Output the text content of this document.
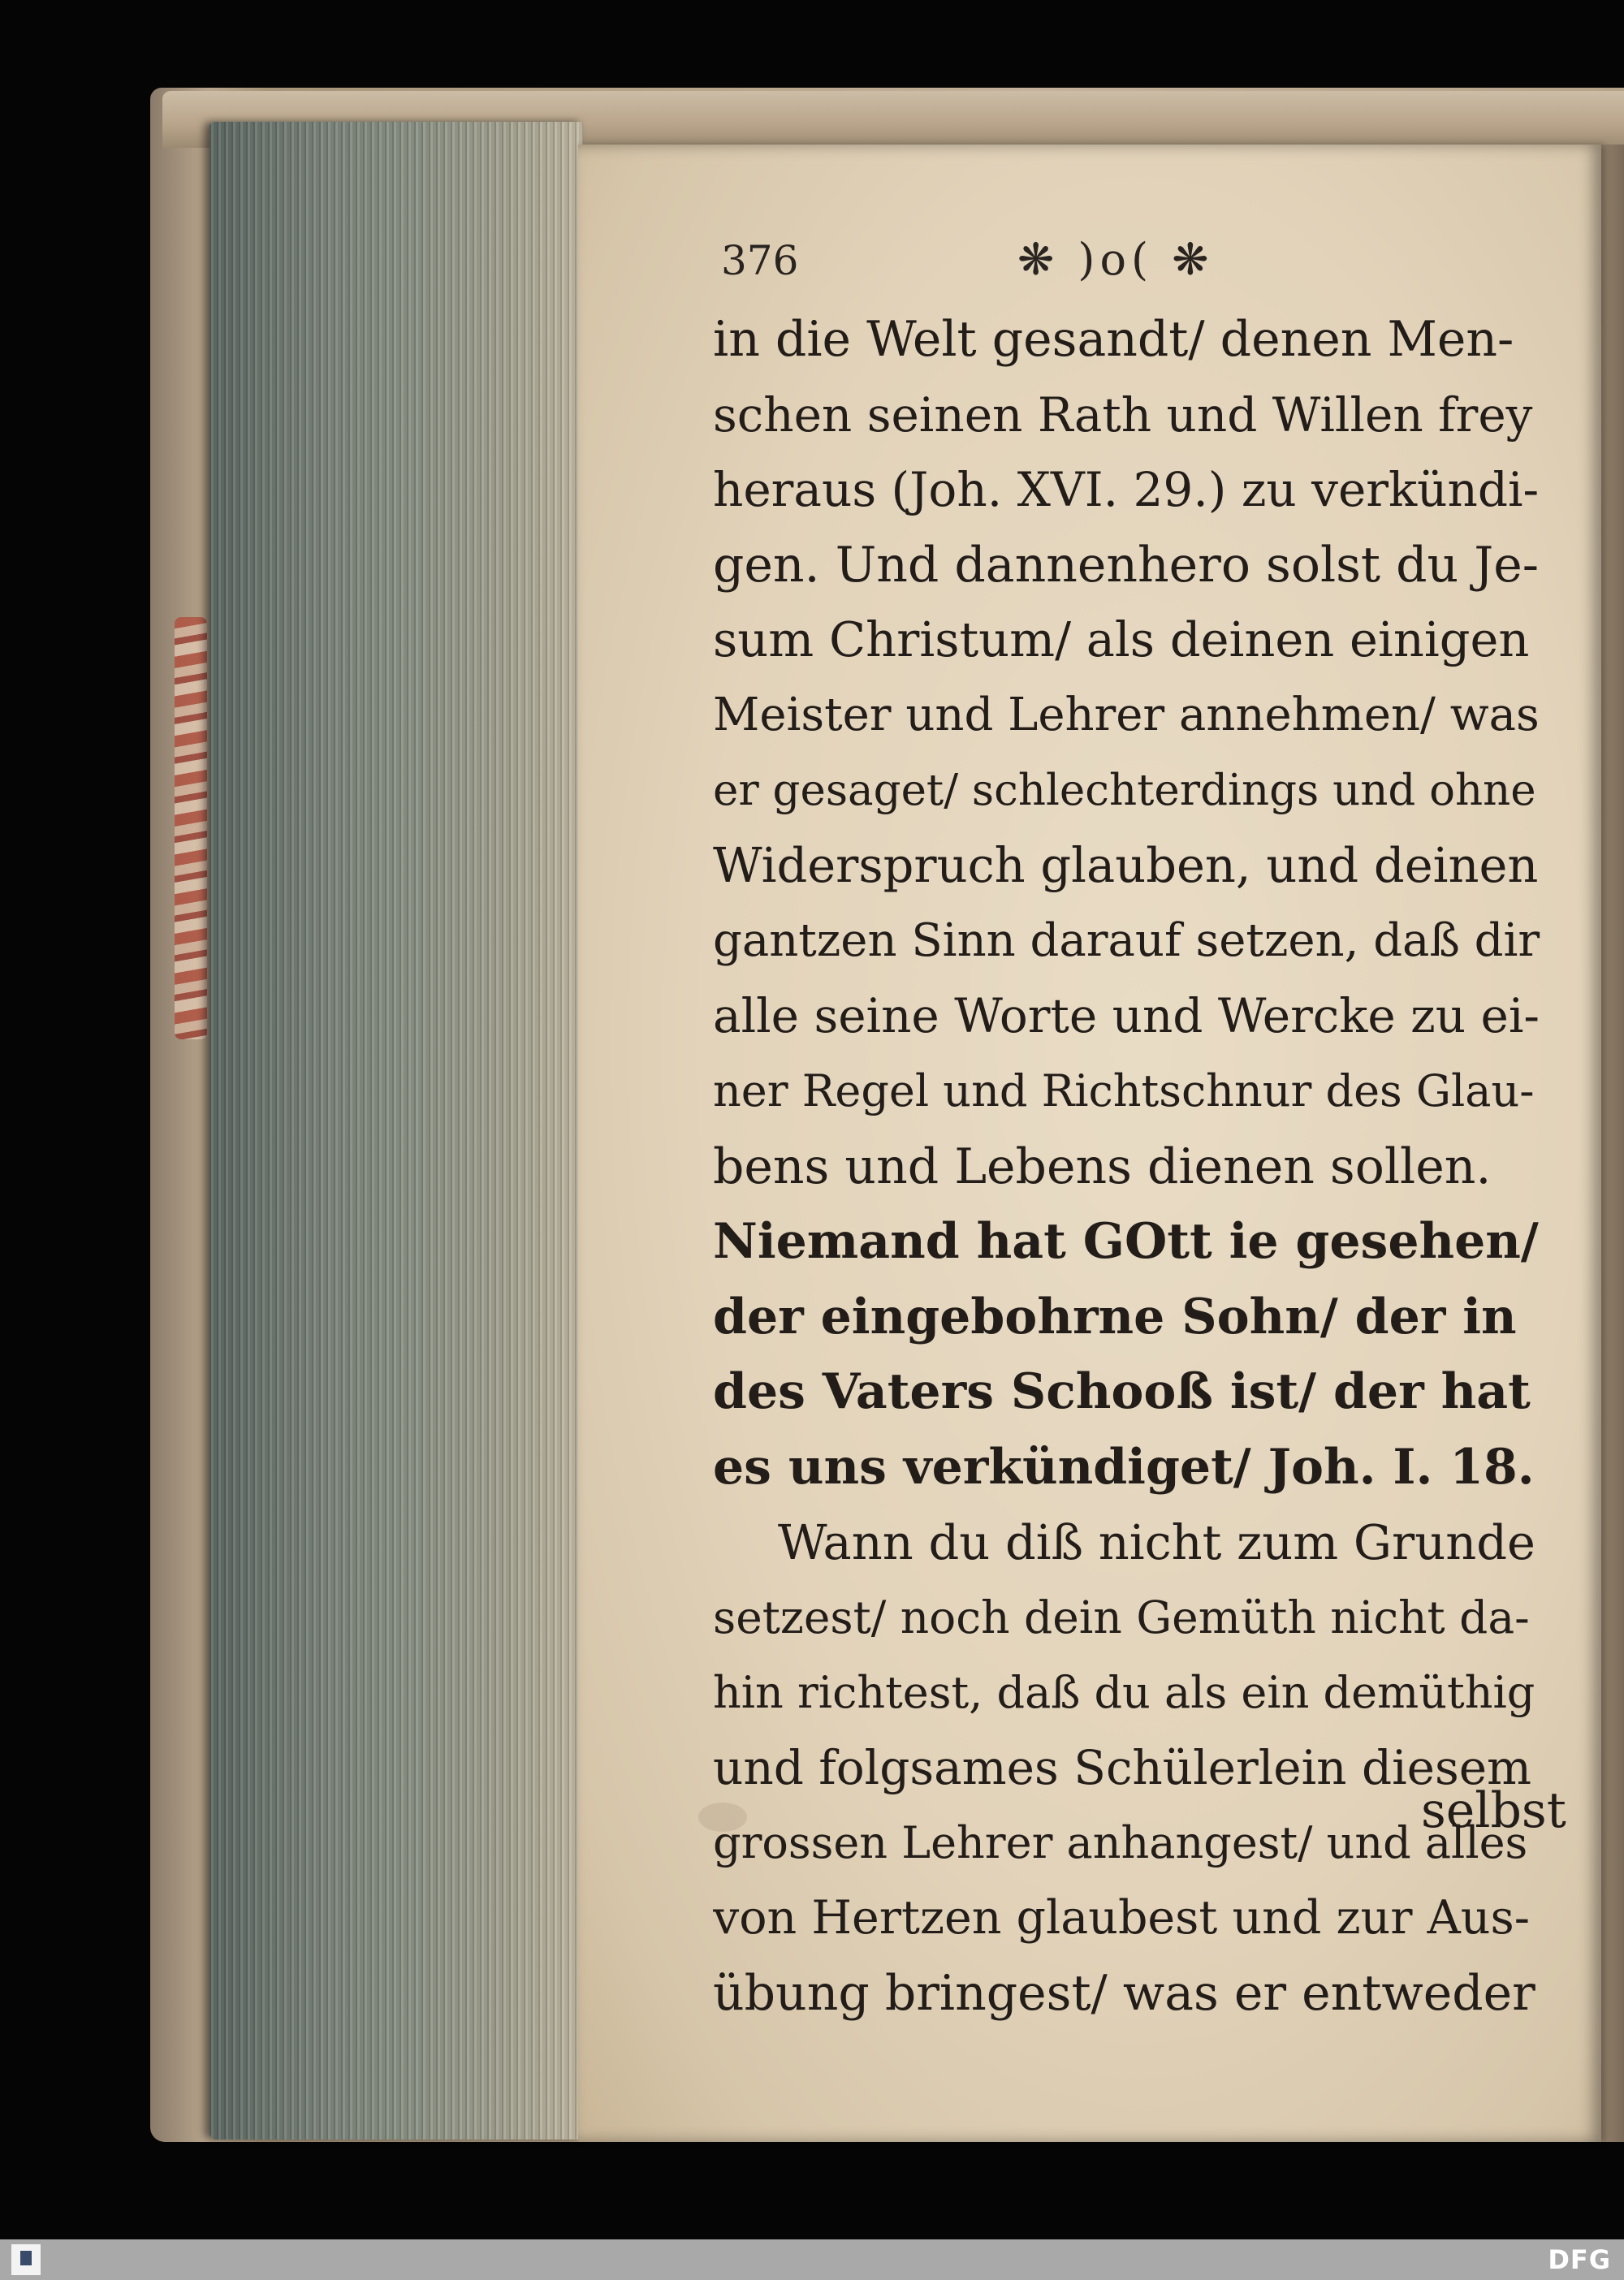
376	❋ )o( ❋
in die Welt gesandt/ denen Men-
schen seinen Rath und Willen frey
heraus (Joh. XVI. 29.) zu verkündi-
gen. Und dannenhero solst du Je-
sum Christum/ als deinen einigen
Meister und Lehrer annehmen/ was
er gesaget/ schlechterdings und ohne
Widerspruch glauben, und deinen
gantzen Sinn darauf setzen, daß dir
alle seine Worte und Wercke zu ei-
ner Regel und Richtschnur des Glau-
bens und Lebens dienen sollen.
Niemand hat GOtt ie gesehen/
der eingebohrne Sohn/ der in
des Vaters Schooß ist/ der hat
es uns verkündiget/ Joh. I. 18.
Wann du diß nicht zum Grunde
setzest/ noch dein Gemüth nicht da-
hin richtest, daß du als ein demüthig
und folgsames Schülerlein diesem
grossen Lehrer anhangest/ und alles
von Hertzen glaubest und zur Aus-
übung bringest/ was er entweder
selbst
DFG
